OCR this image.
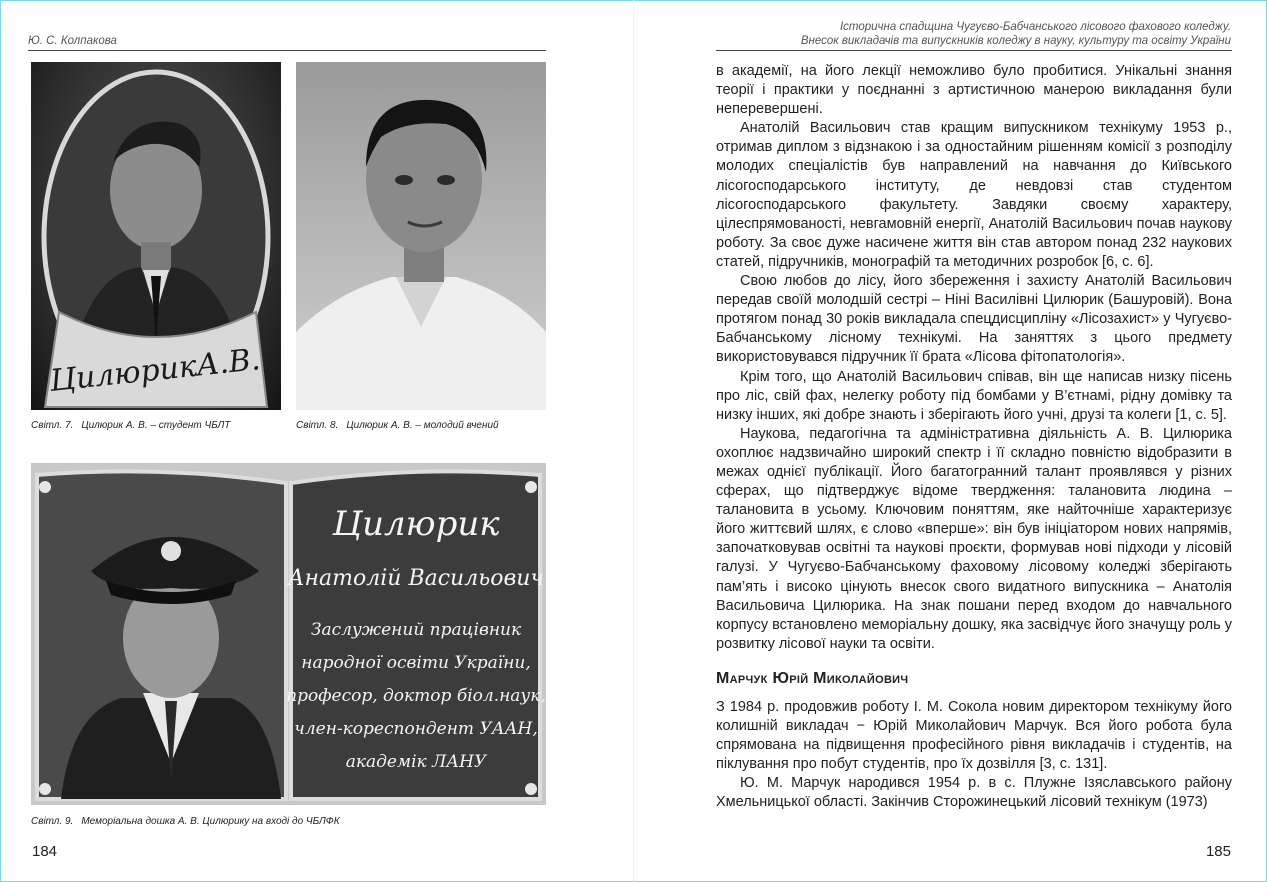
Ю. С. Колпакова
Історична спадщина Чугуєво-Бабчанського лісового фахового коледжу.
Внесок викладачів та випускників коледжу в науку, культуру та освіту України
ЦилюрикА.В.
Світл. 7. Цилюрик А. В. – студент ЧБЛТ	Світл. 8. Цилюрик А. В. – молодий вчений
Цилюрик
Анатолій Васильович
Заслужений працівник
народної освіти України,
професор, доктор біол.наук,
член-кореспондент УААН,
академік ЛАНУ
Світл. 9. Меморіальна дошка А. В. Цилюрику на вході до ЧБЛФК
184	185

в академії, на його лекції неможливо було пробитися. Унікальні знання теорії і практики у поєднанні з артистичною манерою викладання були неперевершені.

Анатолій Васильович став кращим випускником технікуму 1953 р., отримав диплом з відзнакою і за одностайним рішенням комісії з розподілу молодих спеціалістів був направлений на навчання до Київського лісогосподарського інституту, де невдовзі став студентом лісогосподарського факультету. Завдяки своєму характеру, цілеспрямованості, невгамовній енергії, Анатолій Васильович почав наукову роботу. За своє дуже насичене життя він став автором понад 232 наукових статей, підручників, монографій та методичних розробок [6, с. 6].

Свою любов до лісу, його збереження і захисту Анатолій Васильович передав своїй молодшій сестрі – Ніні Василівні Цилюрик (Башуровій). Вона протягом понад 30 років викладала спецдисципліну «Лісозахист» у Чугуєво-Бабчанському лісному технікумі. На заняттях з цього предмету використовувався підручник її брата «Лісова фітопатологія».

Крім того, що Анатолій Васильович співав, він ще написав низку пісень про ліс, свій фах, нелегку роботу під бомбами у В’єтнамі, рідну домівку та низку інших, які добре знають і зберігають його учні, друзі та колеги [1, с. 5].

Наукова, педагогічна та адміністративна діяльність А. В. Цилюрика охоплює надзвичайно широкий спектр і її складно повністю відобразити в межах однієї публікації. Його багатогранний талант проявлявся у різних сферах, що підтверджує відоме твердження: талановита людина – талановита в усьому. Ключовим поняттям, яке найточніше характеризує його життєвий шлях, є слово «вперше»: він був ініціатором нових напрямів, започатковував освітні та наукові проєкти, формував нові підходи у лісовій галузі. У Чугуєво-Бабчанському фаховому лісовому коледжі зберігають пам’ять і високо цінують внесок свого видатного випускника – Анатолія Васильовича Цилюрика. На знак пошани перед входом до навчального корпусу встановлено меморіальну дошку, яка засвідчує його значущу роль у розвитку лісової науки та освіти.

Марчук Юрій Миколайович

З 1984 р. продовжив роботу І. М. Сокола новим директором технікуму його колишній викладач − Юрій Миколайович Марчук. Вся його робота була спрямована на підвищення професійного рівня викладачів і студентів, на піклування про побут студентів, про їх дозвілля [3, с. 131].

Ю. М. Марчук народився 1954 р. в с. Плужне Ізяславського району Хмельницької області. Закінчив Сторожинецький лісовий технікум (1973)
